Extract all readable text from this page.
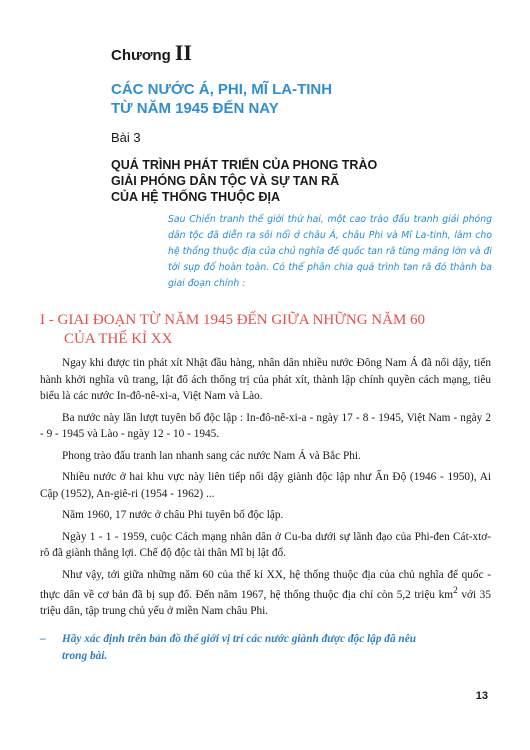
Chương II
CÁC NƯỚC Á, PHI, MĨ LA-TINH
TỪ NĂM 1945 ĐẾN NAY
Bài 3
QUÁ TRÌNH PHÁT TRIỂN CỦA PHONG TRÀO
GIẢI PHÓNG DÂN TỘC VÀ SỰ TAN RÃ
CỦA HỆ THỐNG THUỘC ĐỊA
Sau Chiến tranh thế giới thứ hai, một cao trào đấu tranh giải phóng dân tộc đã diễn ra sôi nổi ở châu Á, châu Phi và Mĩ La-tinh, làm cho hệ thống thuộc địa của chủ nghĩa đế quốc tan rã từng mảng lớn và đi tới sụp đổ hoàn toàn. Có thể phân chia quá trình tan rã đó thành ba giai đoạn chính :
I - GIAI ĐOẠN TỪ NĂM 1945 ĐẾN GIỮA NHỮNG NĂM 60
CỦA THẾ KỈ XX

Ngay khi được tin phát xít Nhật đầu hàng, nhân dân nhiều nước Đông Nam Á đã nổi dậy, tiến hành khởi nghĩa vũ trang, lật đổ ách thống trị của phát xít, thành lập chính quyền cách mạng, tiêu biểu là các nước In-đô-nê-xi-a, Việt Nam và Lào.

Ba nước này lần lượt tuyên bố độc lập : In-đô-nê-xi-a - ngày 17 - 8 - 1945, Việt Nam - ngày 2 - 9 - 1945 và Lào - ngày 12 - 10 - 1945.

Phong trào đấu tranh lan nhanh sang các nước Nam Á và Bắc Phi.

Nhiều nước ở hai khu vực này liên tiếp nổi dậy giành độc lập như Ấn Độ (1946 - 1950), Ai Cập (1952), An-giê-ri (1954 - 1962) ...

Năm 1960, 17 nước ở châu Phi tuyên bố độc lập.

Ngày 1 - 1 - 1959, cuộc Cách mạng nhân dân ở Cu-ba dưới sự lãnh đạo của Phi-đen Cát-xtơ-rô đã giành thắng lợi. Chế độ độc tài thân Mĩ bị lật đổ.

Như vậy, tới giữa những năm 60 của thế kỉ XX, hệ thống thuộc địa của chủ nghĩa đế quốc - thực dân về cơ bản đã bị sụp đổ. Đến năm 1967, hệ thống thuộc địa chỉ còn 5,2 triệu $km^2$ với 35 triệu dân, tập trung chủ yếu ở miền Nam châu Phi.

– Hãy xác định trên bản đồ thế giới vị trí các nước giành được độc lập đã nêu
trong bài.
13
